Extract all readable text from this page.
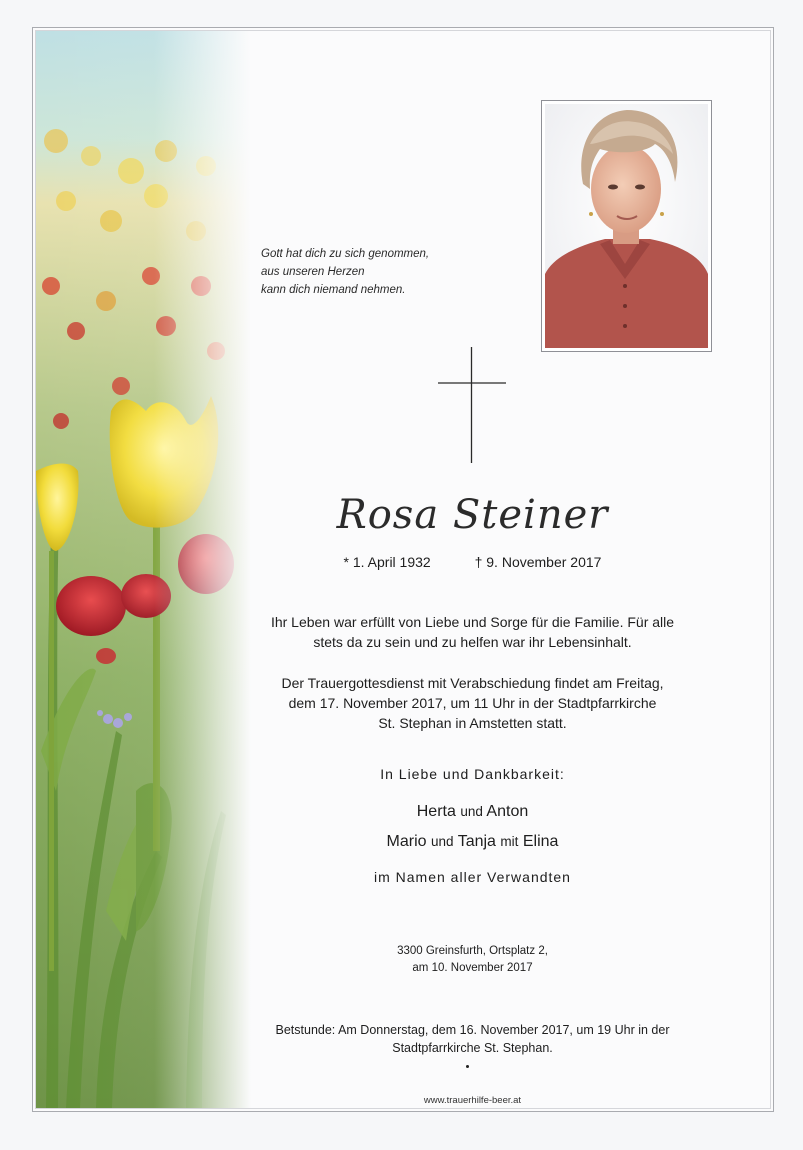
Gott hat dich zu sich genommen,
aus unseren Herzen
kann dich niemand nehmen.
Rosa Steiner
* 1. April 1932	† 9. November 2017
Ihr Leben war erfüllt von Liebe und Sorge für die Familie. Für alle
stets da zu sein und zu helfen war ihr Lebensinhalt.
Der Trauergottesdienst mit Verabschiedung findet am Freitag,
dem 17. November 2017, um 11 Uhr in der Stadtpfarrkirche
St. Stephan in Amstetten statt.
In Liebe und Dankbarkeit:
Herta und Anton
Mario und Tanja mit Elina
im Namen aller Verwandten
3300 Greinsfurth, Ortsplatz 2,
am 10. November 2017
Betstunde: Am Donnerstag, dem 16. November 2017, um 19 Uhr in der
Stadtpfarrkirche St. Stephan.
www.trauerhilfe-beer.at
